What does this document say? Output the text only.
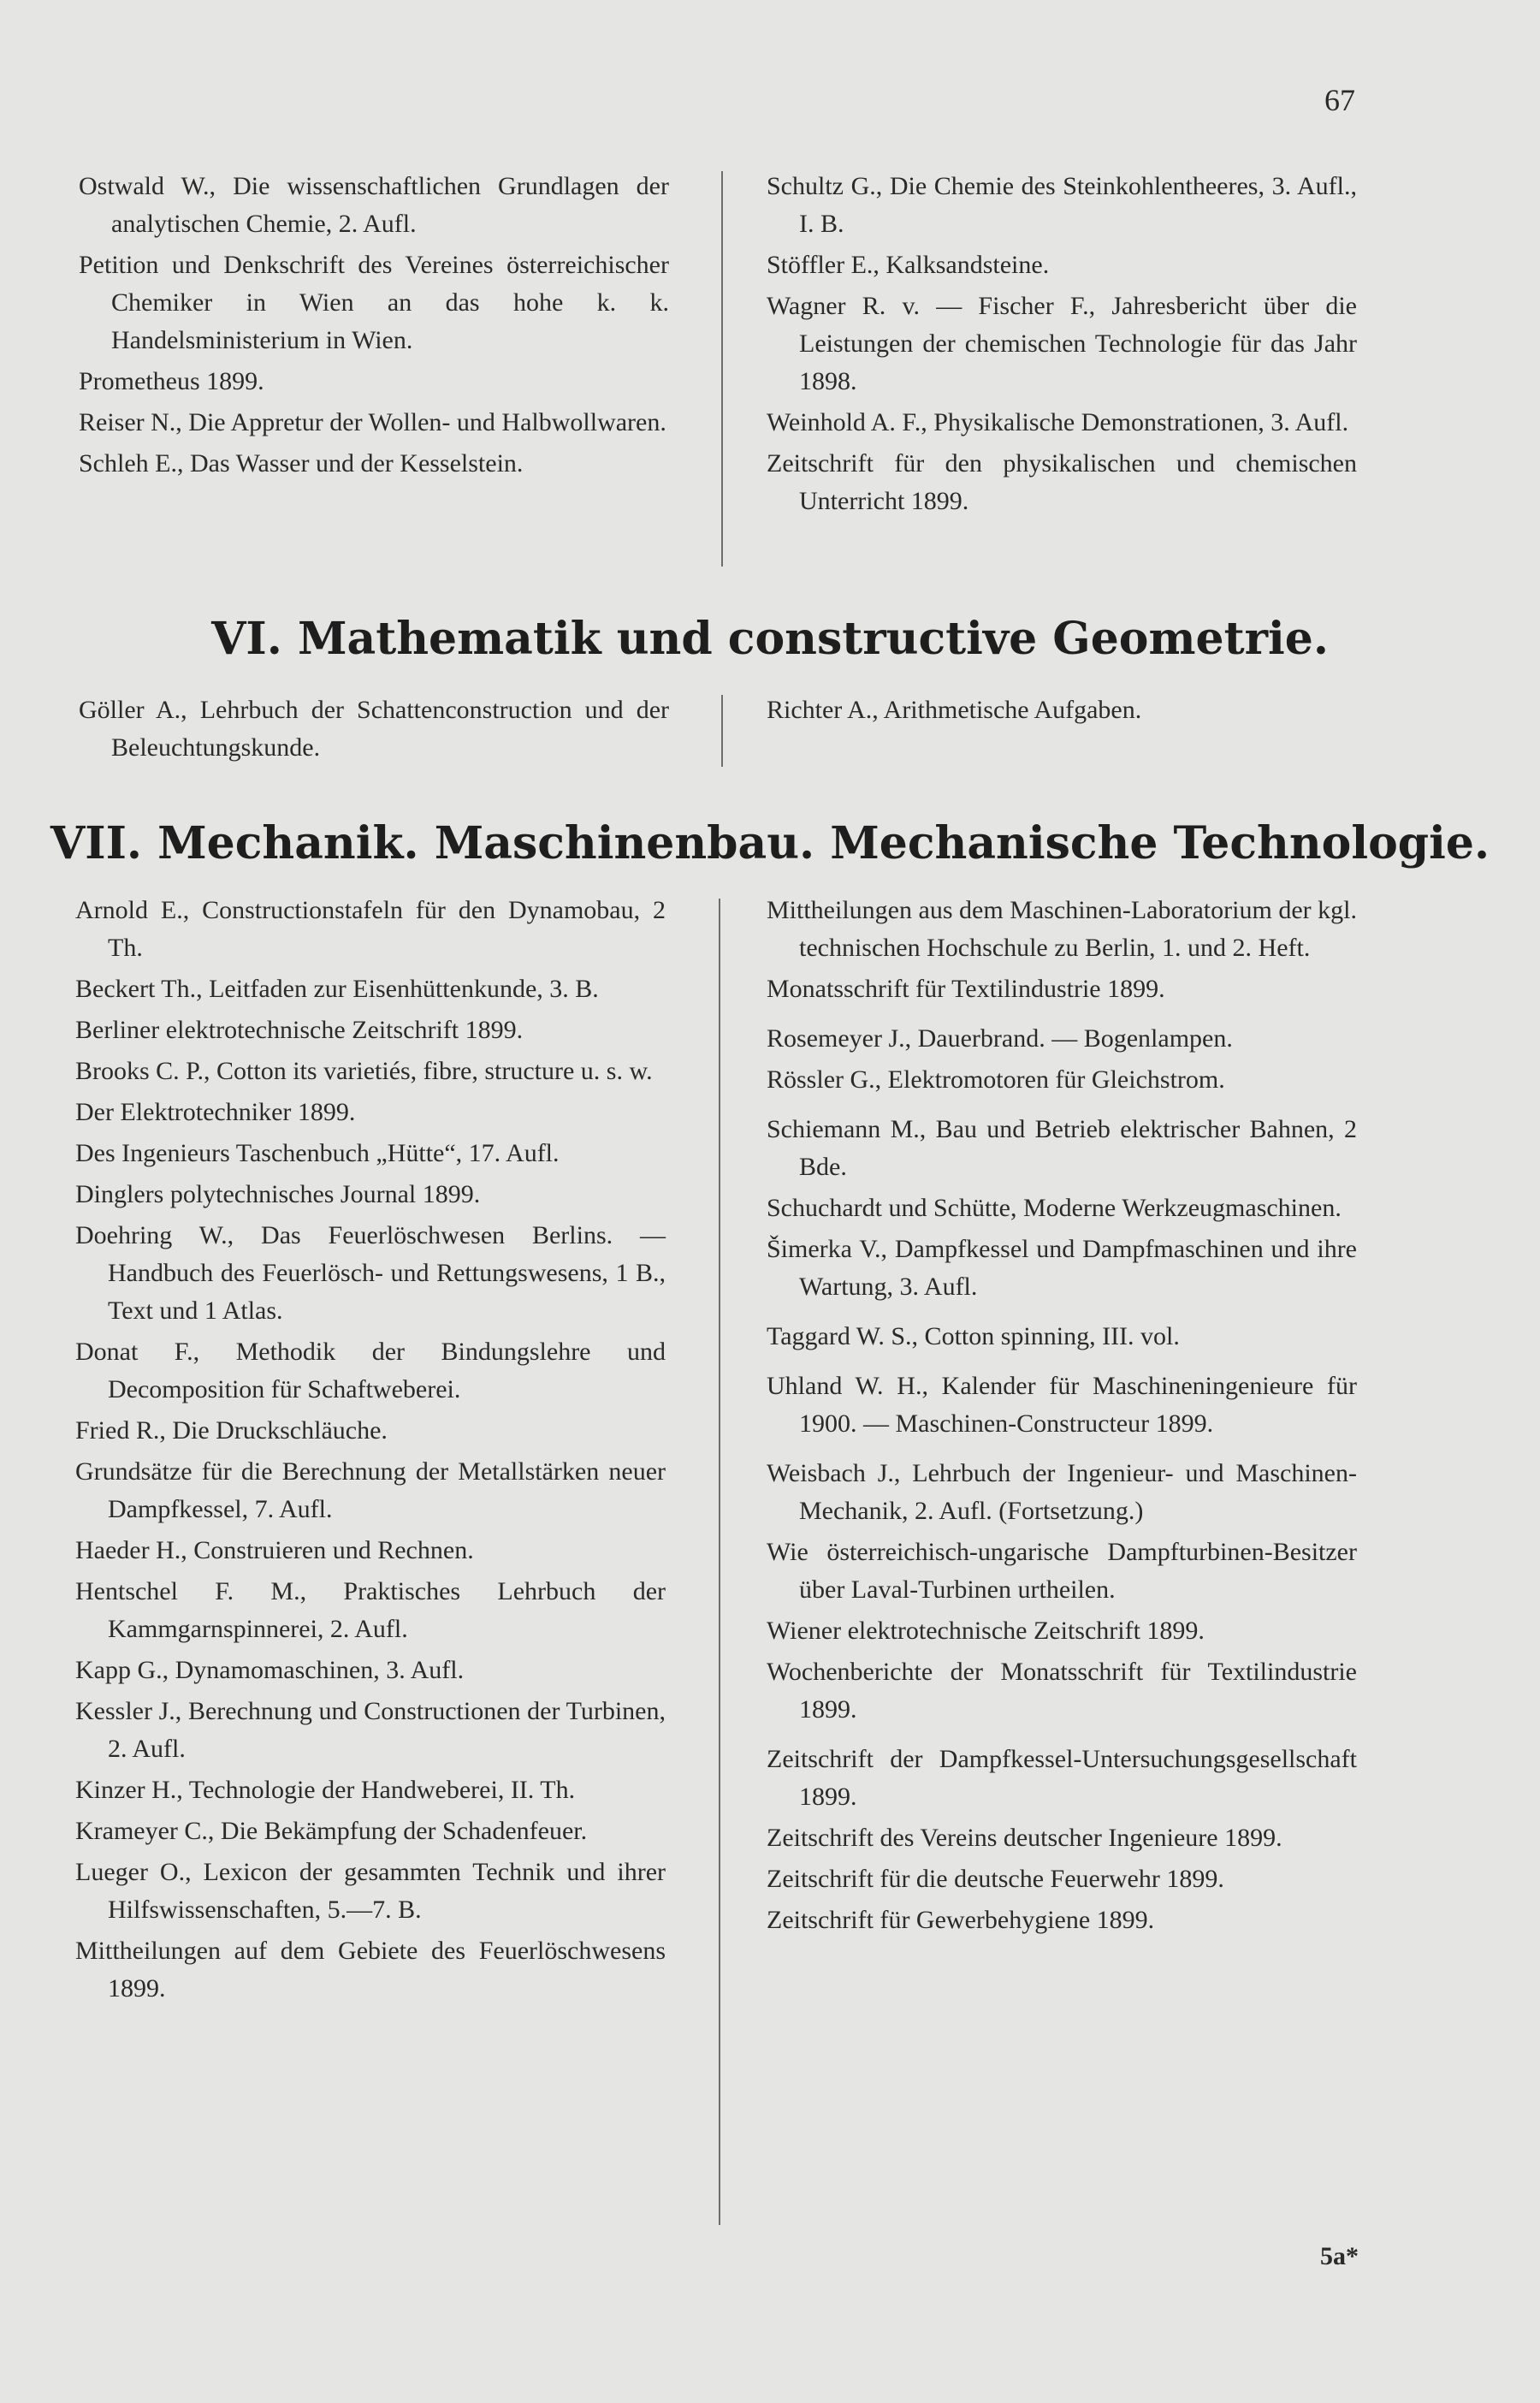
67
Ostwald W., Die wissenschaftlichen Grundlagen der analytischen Chemie, 2. Aufl.
Petition und Denkschrift des Vereines österreichischer Chemiker in Wien an das hohe k. k. Handelsministerium in Wien.
Prometheus 1899.
Reiser N., Die Appretur der Wollen- und Halbwollwaren.
Schleh E., Das Wasser und der Kesselstein.
Schultz G., Die Chemie des Steinkohlentheeres, 3. Aufl., I. B.
Stöffler E., Kalksandsteine.
Wagner R. v. — Fischer F., Jahresbericht über die Leistungen der chemischen Technologie für das Jahr 1898.
Weinhold A. F., Physikalische Demonstrationen, 3. Aufl.
Zeitschrift für den physikalischen und chemischen Unterricht 1899.
VI. Mathematik und constructive Geometrie.
Göller A., Lehrbuch der Schattenconstruction und der Beleuchtungskunde.
Richter A., Arithmetische Aufgaben.
VII. Mechanik. Maschinenbau. Mechanische Technologie.
Arnold E., Constructionstafeln für den Dynamobau, 2 Th.
Beckert Th., Leitfaden zur Eisenhüttenkunde, 3. B.
Berliner elektrotechnische Zeitschrift 1899.
Brooks C. P., Cotton its varietiés, fibre, structure u. s. w.
Der Elektrotechniker 1899.
Des Ingenieurs Taschenbuch „Hütte“, 17. Aufl.
Dinglers polytechnisches Journal 1899.
Doehring W., Das Feuerlöschwesen Berlins. — Handbuch des Feuerlösch- und Rettungswesens, 1 B., Text und 1 Atlas.
Donat F., Methodik der Bindungslehre und Decomposition für Schaftweberei.
Fried R., Die Druckschläuche.
Grundsätze für die Berechnung der Metallstärken neuer Dampfkessel, 7. Aufl.
Haeder H., Construieren und Rechnen.
Hentschel F. M., Praktisches Lehrbuch der Kammgarnspinnerei, 2. Aufl.
Kapp G., Dynamomaschinen, 3. Aufl.
Kessler J., Berechnung und Constructionen der Turbinen, 2. Aufl.
Kinzer H., Technologie der Handweberei, II. Th.
Krameyer C., Die Bekämpfung der Schadenfeuer.
Lueger O., Lexicon der gesammten Technik und ihrer Hilfswissenschaften, 5.—7. B.
Mittheilungen auf dem Gebiete des Feuerlöschwesens 1899.
Mittheilungen aus dem Maschinen-Laboratorium der kgl. technischen Hochschule zu Berlin, 1. und 2. Heft.
Monatsschrift für Textilindustrie 1899.
Rosemeyer J., Dauerbrand. — Bogenlampen.
Rössler G., Elektromotoren für Gleichstrom.
Schiemann M., Bau und Betrieb elektrischer Bahnen, 2 Bde.
Schuchardt und Schütte, Moderne Werkzeugmaschinen.
Šimerka V., Dampfkessel und Dampfmaschinen und ihre Wartung, 3. Aufl.
Taggard W. S., Cotton spinning, III. vol.
Uhland W. H., Kalender für Maschineningenieure für 1900. — Maschinen-Constructeur 1899.
Weisbach J., Lehrbuch der Ingenieur- und Maschinen-Mechanik, 2. Aufl. (Fortsetzung.)
Wie österreichisch-ungarische Dampfturbinen-Besitzer über Laval-Turbinen urtheilen.
Wiener elektrotechnische Zeitschrift 1899.
Wochenberichte der Monatsschrift für Textilindustrie 1899.
Zeitschrift der Dampfkessel-Untersuchungsgesellschaft 1899.
Zeitschrift des Vereins deutscher Ingenieure 1899.
Zeitschrift für die deutsche Feuerwehr 1899.
Zeitschrift für Gewerbehygiene 1899.
5a*
